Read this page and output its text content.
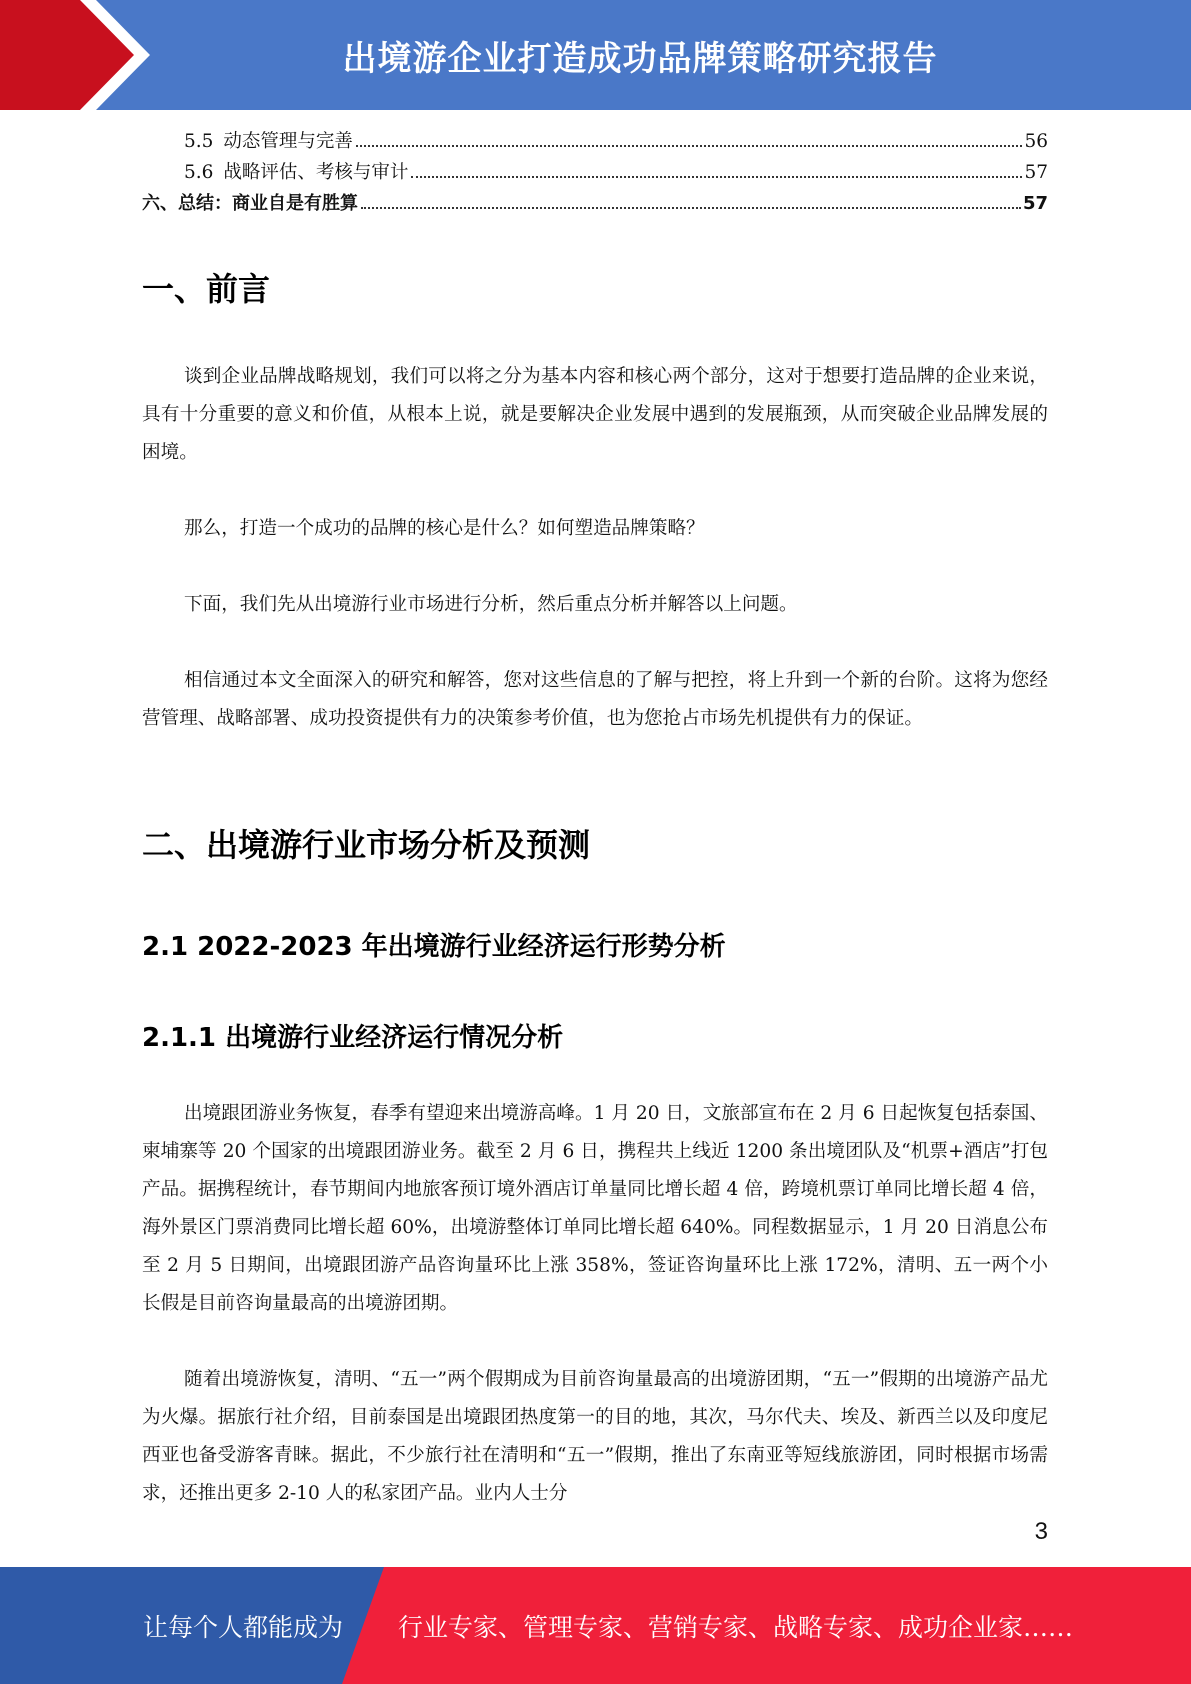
出境游企业打造成功品牌策略研究报告
5.5 动态管理与完善	56
5.6 战略评估、考核与审计	57
六、总结：商业自是有胜算	57
一、前言

谈到企业品牌战略规划，我们可以将之分为基本内容和核心两个部分，这对于想要打造品牌的企业来说，具有十分重要的意义和价值，从根本上说，就是要解决企业发展中遇到的发展瓶颈，从而突破企业品牌发展的困境。

那么，打造一个成功的品牌的核心是什么？如何塑造品牌策略？

下面，我们先从出境游行业市场进行分析，然后重点分析并解答以上问题。

相信通过本文全面深入的研究和解答，您对这些信息的了解与把控，将上升到一个新的台阶。这将为您经营管理、战略部署、成功投资提供有力的决策参考价值，也为您抢占市场先机提供有力的保证。

二、出境游行业市场分析及预测
2.1 2022-2023 年出境游行业经济运行形势分析
2.1.1 出境游行业经济运行情况分析

出境跟团游业务恢复，春季有望迎来出境游高峰。1 月 20 日，文旅部宣布在 2 月 6 日起恢复包括泰国、柬埔寨等 20 个国家的出境跟团游业务。截至 2 月 6 日，携程共上线近 1200 条出境团队及“机票+酒店”打包产品。据携程统计，春节期间内地旅客预订境外酒店订单量同比增长超 4 倍，跨境机票订单同比增长超 4 倍，海外景区门票消费同比增长超 60%，出境游整体订单同比增长超 640%。同程数据显示，1 月 20 日消息公布至 2 月 5 日期间，出境跟团游产品咨询量环比上涨 358%，签证咨询量环比上涨 172%，清明、五一两个小长假是目前咨询量最高的出境游团期。

随着出境游恢复，清明、“五一”两个假期成为目前咨询量最高的出境游团期，“五一”假期的出境游产品尤为火爆。据旅行社介绍，目前泰国是出境跟团热度第一的目的地，其次，马尔代夫、埃及、新西兰以及印度尼西亚也备受游客青睐。据此，不少旅行社在清明和“五一”假期，推出了东南亚等短线旅游团，同时根据市场需求，还推出更多 2-10 人的私家团产品。业内人士分

3
让每个人都能成为 行业专家、管理专家、营销专家、战略专家、成功企业家……
